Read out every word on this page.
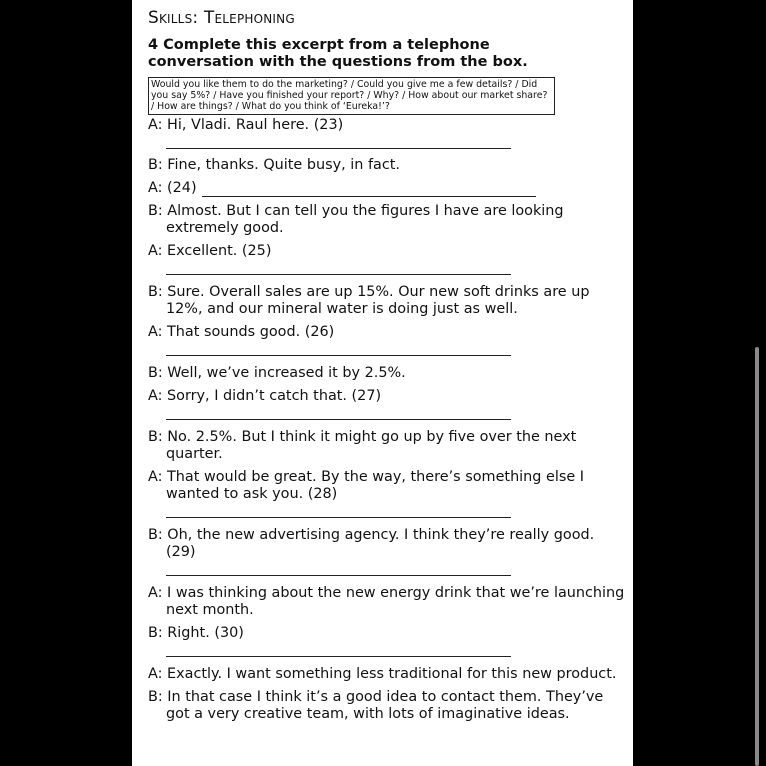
Skills: Telephoning
4 Complete this excerpt from a telephone
conversation with the questions from the box.
Would you like them to do the marketing? / Could you give me a few details? / Did you say 5%? / Have you finished your report? / Why? / How about our market share? / How are things? / What do you think of ‘Eureka!’?
A: Hi, Vladi. Raul here. (23)
B: Fine, thanks. Quite busy, in fact.
A: (24)
B: Almost. But I can tell you the figures I have are looking extremely good.
A: Excellent. (25)
B: Sure. Overall sales are up 15%. Our new soft drinks are up 12%, and our mineral water is doing just as well.
A: That sounds good. (26)
B: Well, we’ve increased it by 2.5%.
A: Sorry, I didn’t catch that. (27)
B: No. 2.5%. But I think it might go up by five over the next quarter.
A: That would be great. By the way, there’s something else I wanted to ask you. (28)
B: Oh, the new advertising agency. I think they’re really good. (29)
A: I was thinking about the new energy drink that we’re launching next month.
B: Right. (30)
A: Exactly. I want something less traditional for this new product.
B: In that case I think it’s a good idea to contact them. They’ve got a very creative team, with lots of imaginative ideas.
